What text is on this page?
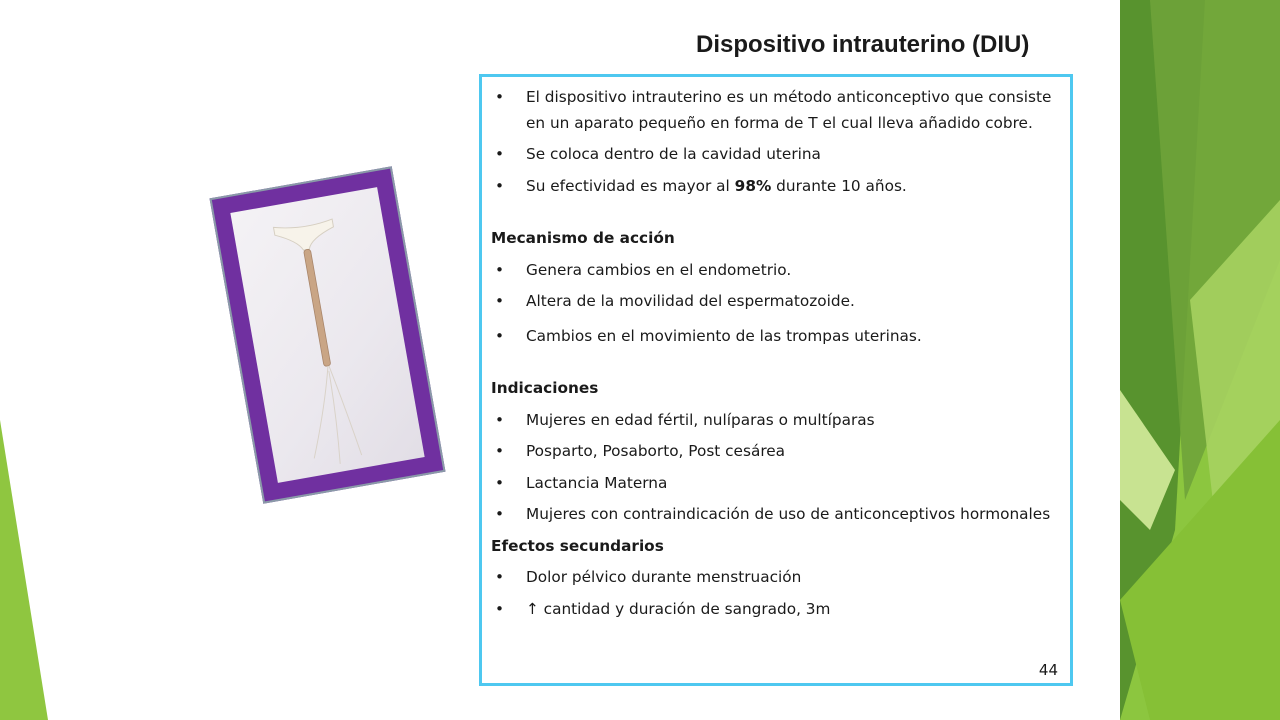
Dispositivo intrauterino (DIU)
• El dispositivo intrauterino es un método anticonceptivo que consiste en un aparato pequeño en forma de T el cual lleva añadido cobre.
• Se coloca dentro de la cavidad uterina
• Su efectividad es mayor al 98% durante 10 años.
Mecanismo de acción
• Genera cambios en el endometrio.
• Altera de la movilidad del espermatozoide.
• Cambios en el movimiento de las trompas uterinas.
Indicaciones
• Mujeres en edad fértil, nulíparas o multíparas
• Posparto, Posaborto, Post cesárea
• Lactancia Materna
• Mujeres con contraindicación de uso de anticonceptivos hormonales
Efectos secundarios
• Dolor pélvico durante menstruación
• ↑ cantidad y duración de sangrado, 3m
44
